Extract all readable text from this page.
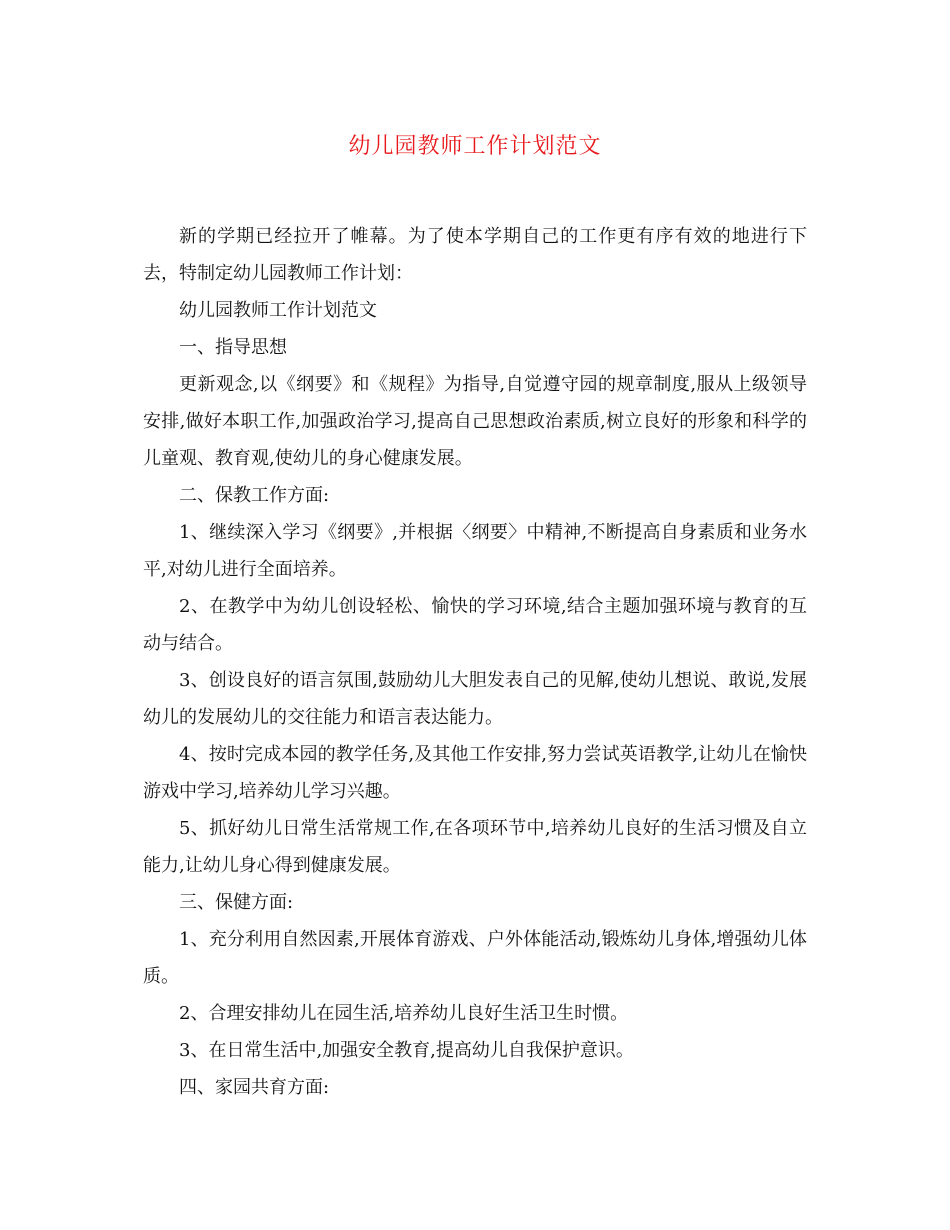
幼儿园教师工作计划范文

新的学期已经拉开了帷幕。为了使本学期自己的工作更有序有效的地进行下去，特制定幼儿园教师工作计划：

幼儿园教师工作计划范文

一、指导思想

更新观念,以《纲要》和《规程》为指导,自觉遵守园的规章制度,服从上级领导安排,做好本职工作,加强政治学习,提高自己思想政治素质,树立良好的形象和科学的儿童观、教育观,使幼儿的身心健康发展。

二、保教工作方面:

1、继续深入学习《纲要》,并根据〈纲要〉中精神,不断提高自身素质和业务水平,对幼儿进行全面培养。

2、在教学中为幼儿创设轻松、愉快的学习环境,结合主题加强环境与教育的互动与结合。

3、创设良好的语言氛围,鼓励幼儿大胆发表自己的见解,使幼儿想说、敢说,发展幼儿的发展幼儿的交往能力和语言表达能力。

4、按时完成本园的教学任务,及其他工作安排,努力尝试英语教学,让幼儿在愉快游戏中学习,培养幼儿学习兴趣。

5、抓好幼儿日常生活常规工作,在各项环节中,培养幼儿良好的生活习惯及自立能力,让幼儿身心得到健康发展。

三、保健方面:

1、充分利用自然因素,开展体育游戏、户外体能活动,锻炼幼儿身体,增强幼儿体质。

2、合理安排幼儿在园生活,培养幼儿良好生活卫生时惯。

3、在日常生活中,加强安全教育,提高幼儿自我保护意识。

四、家园共育方面:
